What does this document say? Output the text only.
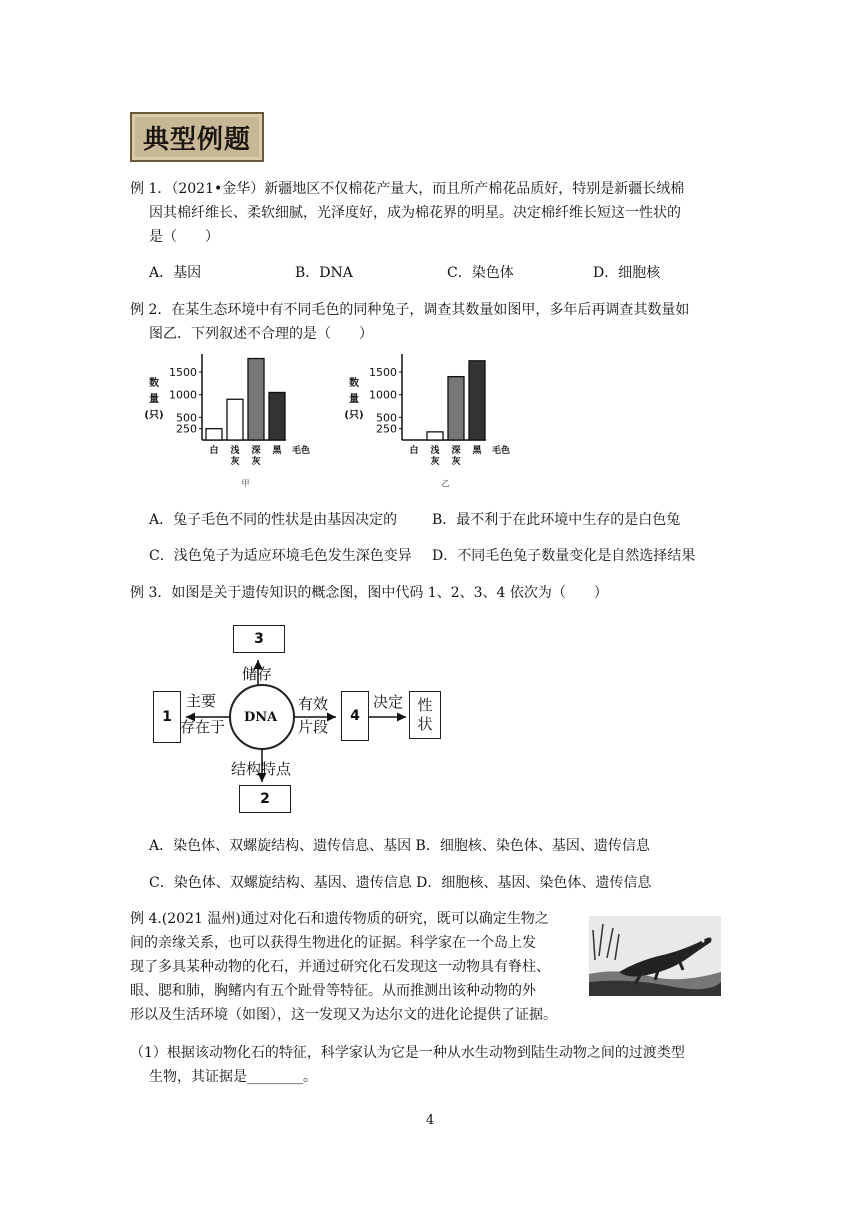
典型例题
例 1．（2021•金华）新疆地区不仅棉花产量大，而且所产棉花品质好，特别是新疆长绒棉
因其棉纤维长、柔软细腻，光泽度好，成为棉花界的明星。决定棉纤维长短这一性状的
是（　　）
A．基因	B．DNA	C．染色体	D．细胞核
例 2．在某生态环境中有不同毛色的同种兔子，调查其数量如图甲，多年后再调查其数量如
图乙．下列叙述不合理的是（　　）
数
量
(只)
250
500
1000
1500
白 浅
灰
深
灰
黑 毛色
甲
数
量
(只)
250
500
1000
1500
白 浅
灰
深
灰
黑 毛色
乙
A．兔子毛色不同的性状是由基因决定的 B．最不利于在此环境中生存的是白色兔
C．浅色兔子为适应环境毛色发生深色变异 D．不同毛色兔子数量变化是自然选择结果
例 3．如图是关于遗传知识的概念图，图中代码 1、2、3、4 依次为（　　）
DNA
3
1	4
性
状
2
储存
主要
存在于
有效
片段
决定
结构特点
A．染色体、双螺旋结构、遗传信息、基因 B．细胞核、染色体、基因、遗传信息
C．染色体、双螺旋结构、基因、遗传信息 D．细胞核、基因、染色体、遗传信息
例 4.(2021 温州)通过对化石和遗传物质的研究，既可以确定生物之
间的亲缘关系，也可以获得生物进化的证据。科学家在一个岛上发
现了多具某种动物的化石，并通过研究化石发现这一动物具有脊柱、
眼、腮和肺，胸鳍内有五个趾骨等特征。从而推测出该种动物的外
形以及生活环境（如图），这一发现又为达尔文的进化论提供了证据。
（1）根据该动物化石的特征，科学家认为它是一种从水生动物到陆生动物之间的过渡类型
生物，其证据是________。
4
